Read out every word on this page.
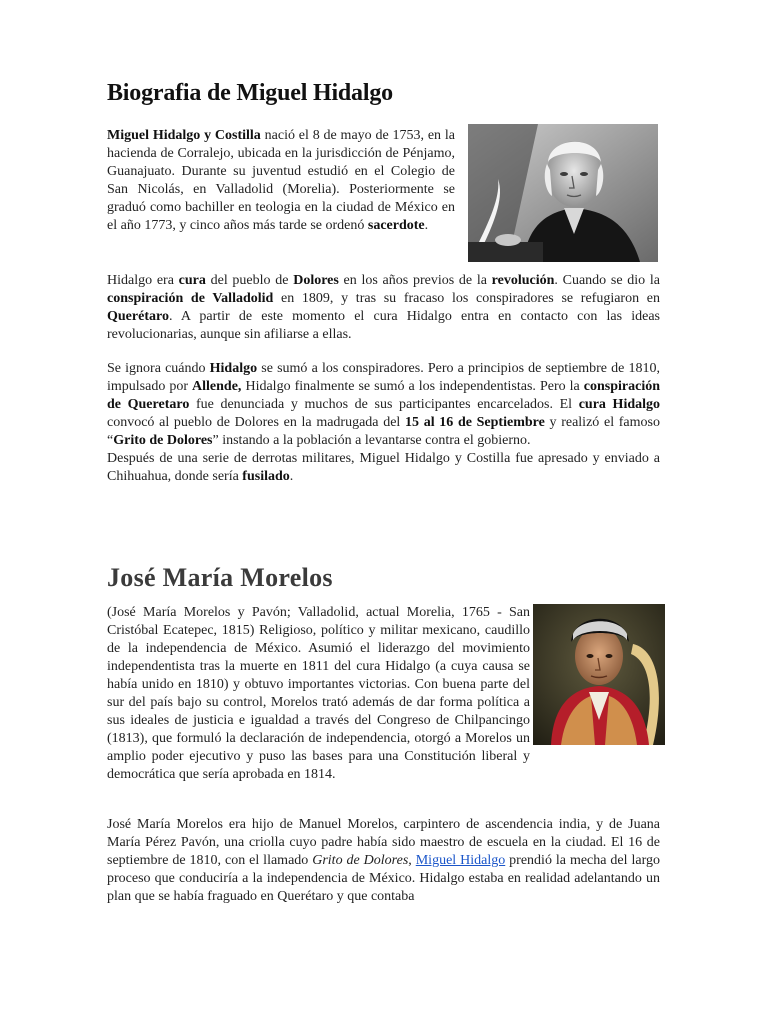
Biografia de Miguel Hidalgo

Miguel Hidalgo y Costilla nació el 8 de mayo de 1753, en la hacienda de Corralejo, ubicada en la jurisdicción de Pénjamo, Guanajuato. Durante su juventud estudió en el Colegio de San Nicolás, en Valladolid (Morelia). Posteriormente se graduó como bachiller en teologia en la ciudad de México en el año 1773, y cinco años más tarde se ordenó sacerdote.

Hidalgo era cura del pueblo de Dolores en los años previos de la revolución. Cuando se dio la conspiración de Valladolid en 1809, y tras su fracaso los conspiradores se refugiaron en Querétaro. A partir de este momento el cura Hidalgo entra en contacto con las ideas revolucionarias, aunque sin afiliarse a ellas.

Se ignora cuándo Hidalgo se sumó a los conspiradores. Pero a principios de septiembre de 1810, impulsado por Allende, Hidalgo finalmente se sumó a los independentistas. Pero la conspiración de Queretaro fue denunciada y muchos de sus participantes encarcelados. El cura Hidalgo convocó al pueblo de Dolores en la madrugada del 15 al 16 de Septiembre y realizó el famoso “Grito de Dolores” instando a la población a levantarse contra el gobierno.
Después de una serie de derrotas militares, Miguel Hidalgo y Costilla fue apresado y enviado a Chihuahua, donde sería fusilado.

José María Morelos

(José María Morelos y Pavón; Valladolid, actual Morelia, 1765 - San Cristóbal Ecatepec, 1815) Religioso, político y militar mexicano, caudillo de la independencia de México. Asumió el liderazgo del movimiento independentista tras la muerte en 1811 del cura Hidalgo (a cuya causa se había unido en 1810) y obtuvo importantes victorias. Con buena parte del sur del país bajo su control, Morelos trató además de dar forma política a sus ideales de justicia e igualdad a través del Congreso de Chilpancingo (1813), que formuló la declaración de independencia, otorgó a Morelos un amplio poder ejecutivo y puso las bases para una Constitución liberal y democrática que sería aprobada en 1814.

José María Morelos era hijo de Manuel Morelos, carpintero de ascendencia india, y de Juana María Pérez Pavón, una criolla cuyo padre había sido maestro de escuela en la ciudad. El 16 de septiembre de 1810, con el llamado Grito de Dolores, Miguel Hidalgo prendió la mecha del largo proceso que conduciría a la independencia de México. Hidalgo estaba en realidad adelantando un plan que se había fraguado en Querétaro y que contaba
